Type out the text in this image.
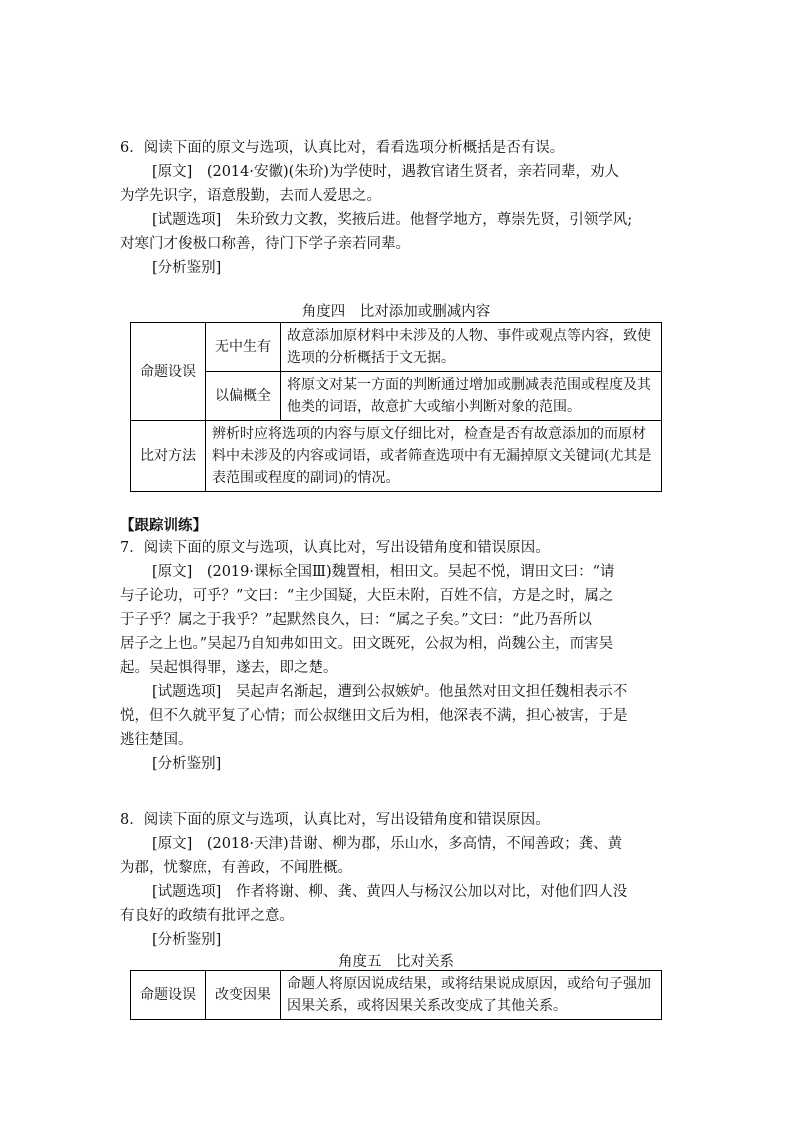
6．阅读下面的原文与选项，认真比对，看看选项分析概括是否有误。

[原文]　(2014·安徽)(朱玠)为学使时，遇教官诸生贤者，亲若同辈，劝人

为学先识字，语意殷勤，去而人爱思之。

[试题选项]　朱玠致力文教，奖掖后进。他督学地方，尊崇先贤，引领学风;

对寒门才俊极口称善，待门下学子亲若同辈。

[分析鉴别]

角度四　比对添加或删减内容

命题设误	无中生有	故意添加原材料中未涉及的人物、事件或观点等内容，致使选项的分析概括于文无据。
	以偏概全	将原文对某一方面的判断通过增加或删减表范围或程度及其他类的词语，故意扩大或缩小判断对象的范围。
比对方法	辨析时应将选项的内容与原文仔细比对，检查是否有故意添加的而原材料中未涉及的内容或词语，或者筛查选项中有无漏掉原文关键词(尤其是表范围或程度的副词)的情况。	

【跟踪训练】

7．阅读下面的原文与选项，认真比对，写出设错角度和错误原因。

[原文]　(2019·课标全国Ⅲ)魏置相，相田文。吴起不悦，谓田文曰：“请

与子论功，可乎？”文曰：“主少国疑，大臣未附，百姓不信，方是之时，属之

于子乎？属之于我乎？”起默然良久，曰：“属之子矣。”文曰：“此乃吾所以

居子之上也。”吴起乃自知弗如田文。田文既死，公叔为相，尚魏公主，而害吴

起。吴起惧得罪，遂去，即之楚。

[试题选项]　吴起声名渐起，遭到公叔嫉妒。他虽然对田文担任魏相表示不

悦，但不久就平复了心情；而公叔继田文后为相，他深表不满，担心被害，于是

逃往楚国。

[分析鉴别]

8．阅读下面的原文与选项，认真比对，写出设错角度和错误原因。

[原文]　(2018·天津)昔谢、柳为郡，乐山水，多高情，不闻善政；龚、黄

为郡，忧黎庶，有善政，不闻胜概。

[试题选项]　作者将谢、柳、龚、黄四人与杨汉公加以对比，对他们四人没

有良好的政绩有批评之意。

[分析鉴别]

角度五　比对关系

命题设误	改变因果	命题人将原因说成结果，或将结果说成原因，或给句子强加因果关系，或将因果关系改变成了其他关系。
